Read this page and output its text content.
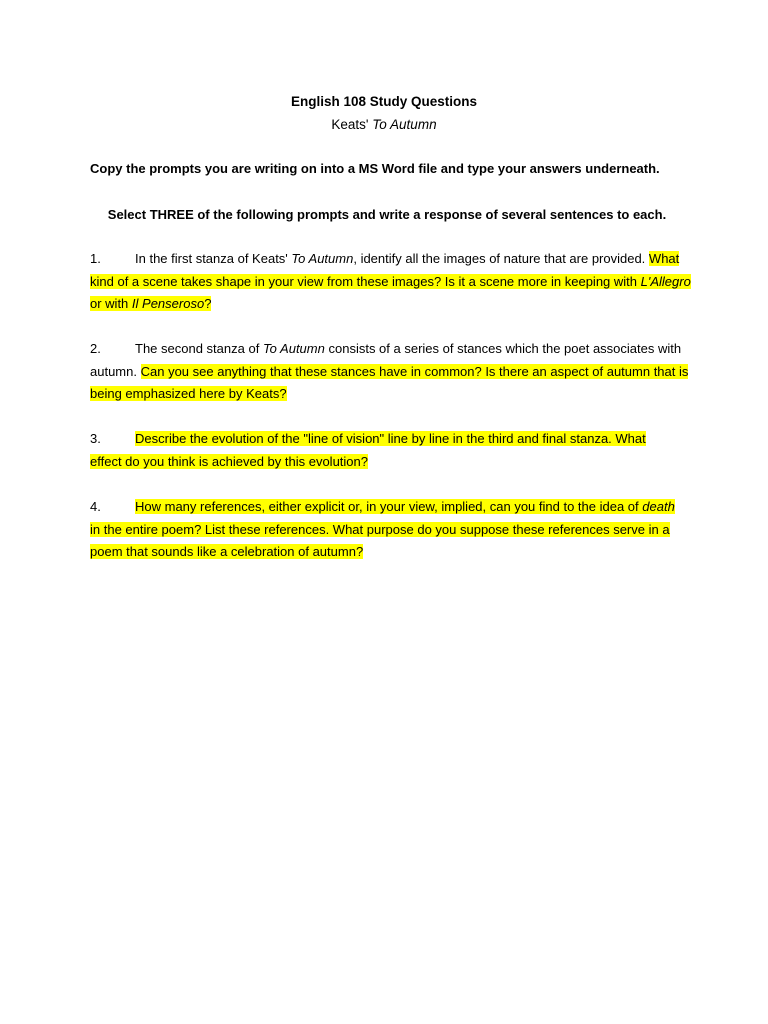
English 108 Study Questions
Keats' To Autumn
Copy the prompts you are writing on into a MS Word file and type your answers underneath.
Select THREE of the following prompts and write a response of several sentences to each.
1.	In the first stanza of Keats' To Autumn, identify all the images of nature that are provided. What
kind of a scene takes shape in your view from these images? Is it a scene more in keeping with L'Allegro
or with Il Penseroso?
2.	The second stanza of To Autumn consists of a series of stances which the poet associates with
autumn. Can you see anything that these stances have in common? Is there an aspect of autumn that is
being emphasized here by Keats?
3.	Describe the evolution of the "line of vision" line by line in the third and final stanza. What
effect do you think is achieved by this evolution?
4.	How many references, either explicit or, in your view, implied, can you find to the idea of death
in the entire poem? List these references. What purpose do you suppose these references serve in a
poem that sounds like a celebration of autumn?
